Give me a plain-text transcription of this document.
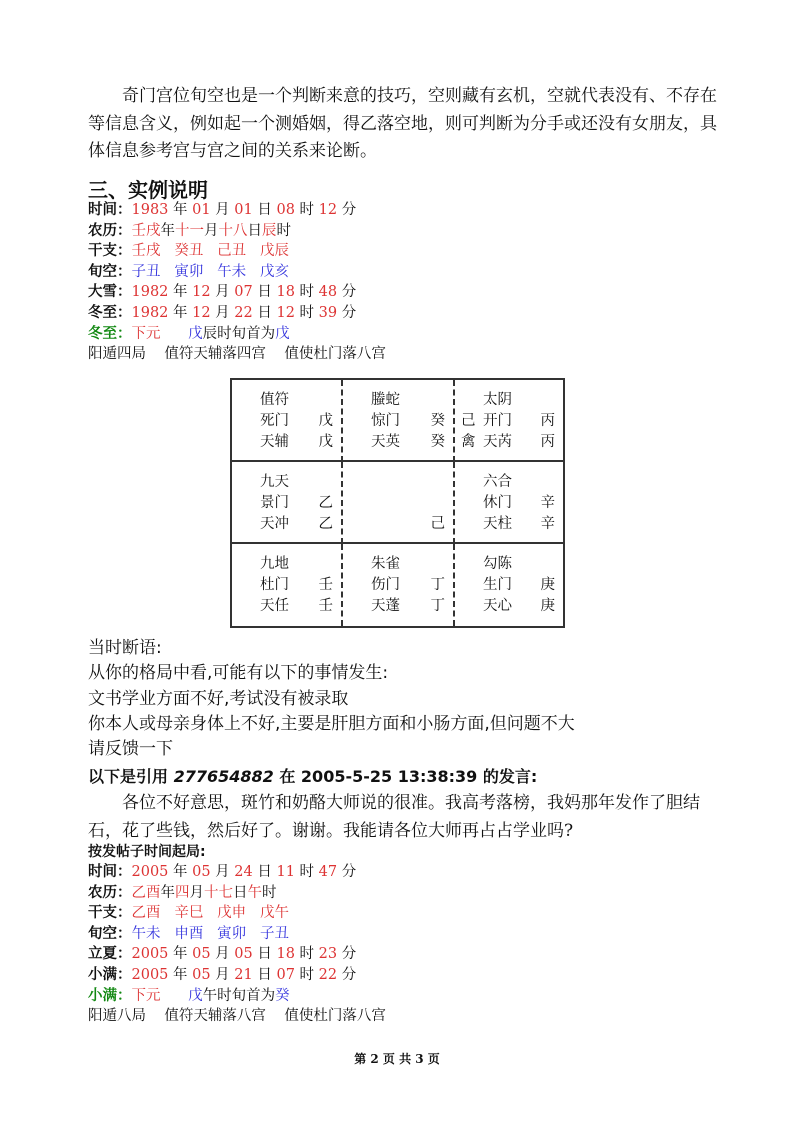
奇门宫位旬空也是一个判断来意的技巧，空则藏有玄机，空就代表没有、不存在等信息含义，例如起一个测婚姻，得乙落空地，则可判断为分手或还没有女朋友，具体信息参考宫与宫之间的关系来论断。
三、实例说明
时间：1983 年 01 月 01 日 08 时 12 分
农历：壬戌年十一月十八日辰时
干支：壬戌 癸丑 己丑 戊辰
旬空：子丑 寅卯 午未 戊亥
大雪：1982 年 12 月 07 日 18 时 48 分
冬至：1982 年 12 月 22 日 12 时 39 分
冬至：下元 戊辰时旬首为戊
阳遁四局    值符天辅落四宫    值使杜门落八宫
值符
死门
天辅
戊
戊
螣蛇
惊门
天英
癸
癸
太阴
开门
天芮
丙
丙
己
禽
九天
景门
天冲
乙
乙	己
六合
休门
天柱
辛
辛
九地
杜门
天任
壬
壬
朱雀
伤门
天蓬
丁
丁
勾陈
生门
天心
庚
庚
当时断语:
从你的格局中看,可能有以下的事情发生:
文书学业方面不好,考试没有被录取
你本人或母亲身体上不好,主要是肝胆方面和小肠方面,但问题不大
请反馈一下
以下是引用 277654882 在 2005-5-25 13:38:39 的发言:
各位不好意思，斑竹和奶酪大师说的很准。我高考落榜，我妈那年发作了胆结石，花了些钱，然后好了。谢谢。我能请各位大师再占占学业吗?
按发帖子时间起局:
时间：2005 年 05 月 24 日 11 时 47 分
农历：乙酉年四月十七日午时
干支：乙酉 辛巳 戊申 戊午
旬空：午未 申酉 寅卯 子丑
立夏：2005 年 05 月 05 日 18 时 23 分
小满：2005 年 05 月 21 日 07 时 22 分
小满：下元 戊午时旬首为癸
阳遁八局    值符天辅落八宫    值使杜门落八宫
第 2 页 共 3 页
